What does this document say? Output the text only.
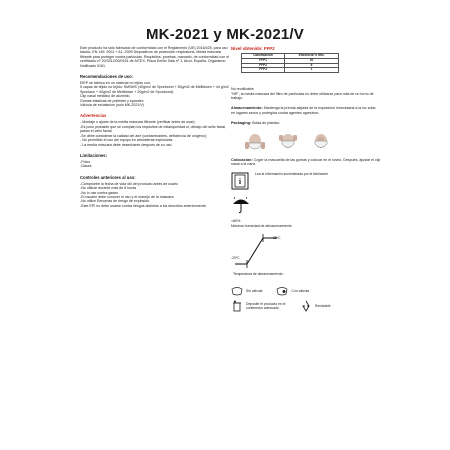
MK-2021 y MK-2021/V

Este producto ha sido fabricado de conformidad con el Reglamento (UE) 2016/425, para uso básico, EN 149: 2001 + A1: 2009 Dispositivos de protección respiratoria. Media máscara filtrante para proteger contra partículas. Requisitos, pruebas, marcado, de conformidad con el certificado nº 20/3312/00/0161 de AITEX, Plaza Emilio Sala nº 1, Alcoi, España, Organismo Notificado 0161.

Recomendaciones de uso:

EIEP se fabrica en un material no tejido con:

5 capas de tejido no tejido: SMSMS (40g/m2 de Spunbond + 50g/m2 de Meltblown + 44 g/m2 Spunlace + 40g/m2 de Meltblown + 20g/m2 de Spunbond).

Clip nasal metálico de aluminio

Gomas elásticas de poliéster y spandex

Válvula de exhalación (solo MK-2021/V)

Advertencias

- Montaje o ajuste de la media máscara filtrante (verificar antes de usar);

-Es poco probable que se cumplan los requisitos de estanqueidad si, debajo del sello facial, pasan el vello facial;

-Se debe considerar la calidad del aire (contaminantes, deficiencia de oxígeno);

- No permitido el uso del equipo en atmósferas explosivas.

- La media máscara debe desecharse después de su uso.

Limitaciones:

-Polvo

-Gases

Controles anteriores al uso:

-Compruebe la fecha de vida útil del producto antes de usarlo

-No utilizar durante más de 8 horas

-No lo use contra gases

-El usuario debe conocer el uso y el manejo de la máscara.

-No utilice Eenomas de riesgo de explosión.

-Este EPI no debe usarse contra riesgos distintos a los descritos anteriormente.

Nivel obtenido: FFP2
Clasificación	Eficiencia % Mín.
FFP1	20
FFP2	6
FFP3	1

No reutilizable

"NR", la media máscara del filtro de partículas no debe utilizarse para más de un turno de trabajo.

Almacenamiento: Mantenga la prenda alejada de la exposición innecesaria a la luz solar, en lugares secos y protegida contra agentes agresivos.

Packaging: Bolsa de plástico

Colocación: Coger la mascarilla de las gomas y colocar en el rostro. Después, ajustar el clip nasal a la nariz.

i
Lea la información suministrada por el fabricante

<80%

Máxima humedad de almacenamiento

+25ºC
-20ºC
Temperatura de almacenamiento:
Sin válvula	Con válvula
Deposite el producto en el contenedor adecuado	Reciclable
